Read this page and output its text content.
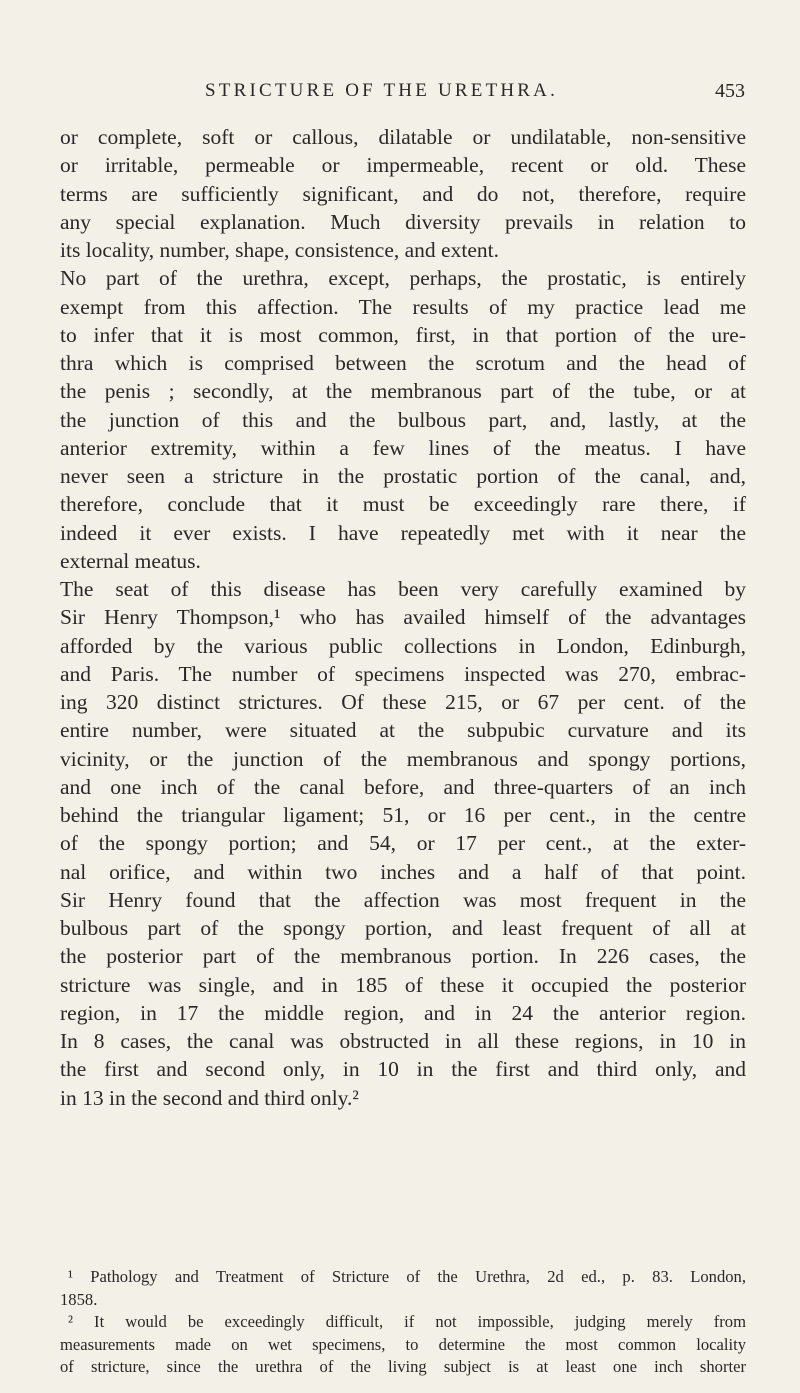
STRICTURE OF THE URETHRA.	453
or complete, soft or callous, dilatable or undilatable, non-sensitive
or irritable, permeable or impermeable, recent or old. These
terms are sufficiently significant, and do not, therefore, require
any special explanation. Much diversity prevails in relation to
its locality, number, shape, consistence, and extent.
No part of the urethra, except, perhaps, the prostatic, is entirely
exempt from this affection. The results of my practice lead me
to infer that it is most common, first, in that portion of the ure-
thra which is comprised between the scrotum and the head of
the penis ; secondly, at the membranous part of the tube, or at
the junction of this and the bulbous part, and, lastly, at the
anterior extremity, within a few lines of the meatus. I have
never seen a stricture in the prostatic portion of the canal, and,
therefore, conclude that it must be exceedingly rare there, if
indeed it ever exists. I have repeatedly met with it near the
external meatus.
The seat of this disease has been very carefully examined by
Sir Henry Thompson,¹ who has availed himself of the advantages
afforded by the various public collections in London, Edinburgh,
and Paris. The number of specimens inspected was 270, embrac-
ing 320 distinct strictures. Of these 215, or 67 per cent. of the
entire number, were situated at the subpubic curvature and its
vicinity, or the junction of the membranous and spongy portions,
and one inch of the canal before, and three-quarters of an inch
behind the triangular ligament; 51, or 16 per cent., in the centre
of the spongy portion; and 54, or 17 per cent., at the exter-
nal orifice, and within two inches and a half of that point.
Sir Henry found that the affection was most frequent in the
bulbous part of the spongy portion, and least frequent of all at
the posterior part of the membranous portion. In 226 cases, the
stricture was single, and in 185 of these it occupied the posterior
region, in 17 the middle region, and in 24 the anterior region.
In 8 cases, the canal was obstructed in all these regions, in 10 in
the first and second only, in 10 in the first and third only, and
in 13 in the second and third only.²
¹ Pathology and Treatment of Stricture of the Urethra, 2d ed., p. 83. London,
1858.
² It would be exceedingly difficult, if not impossible, judging merely from
measurements made on wet specimens, to determine the most common locality
of stricture, since the urethra of the living subject is at least one inch shorter
